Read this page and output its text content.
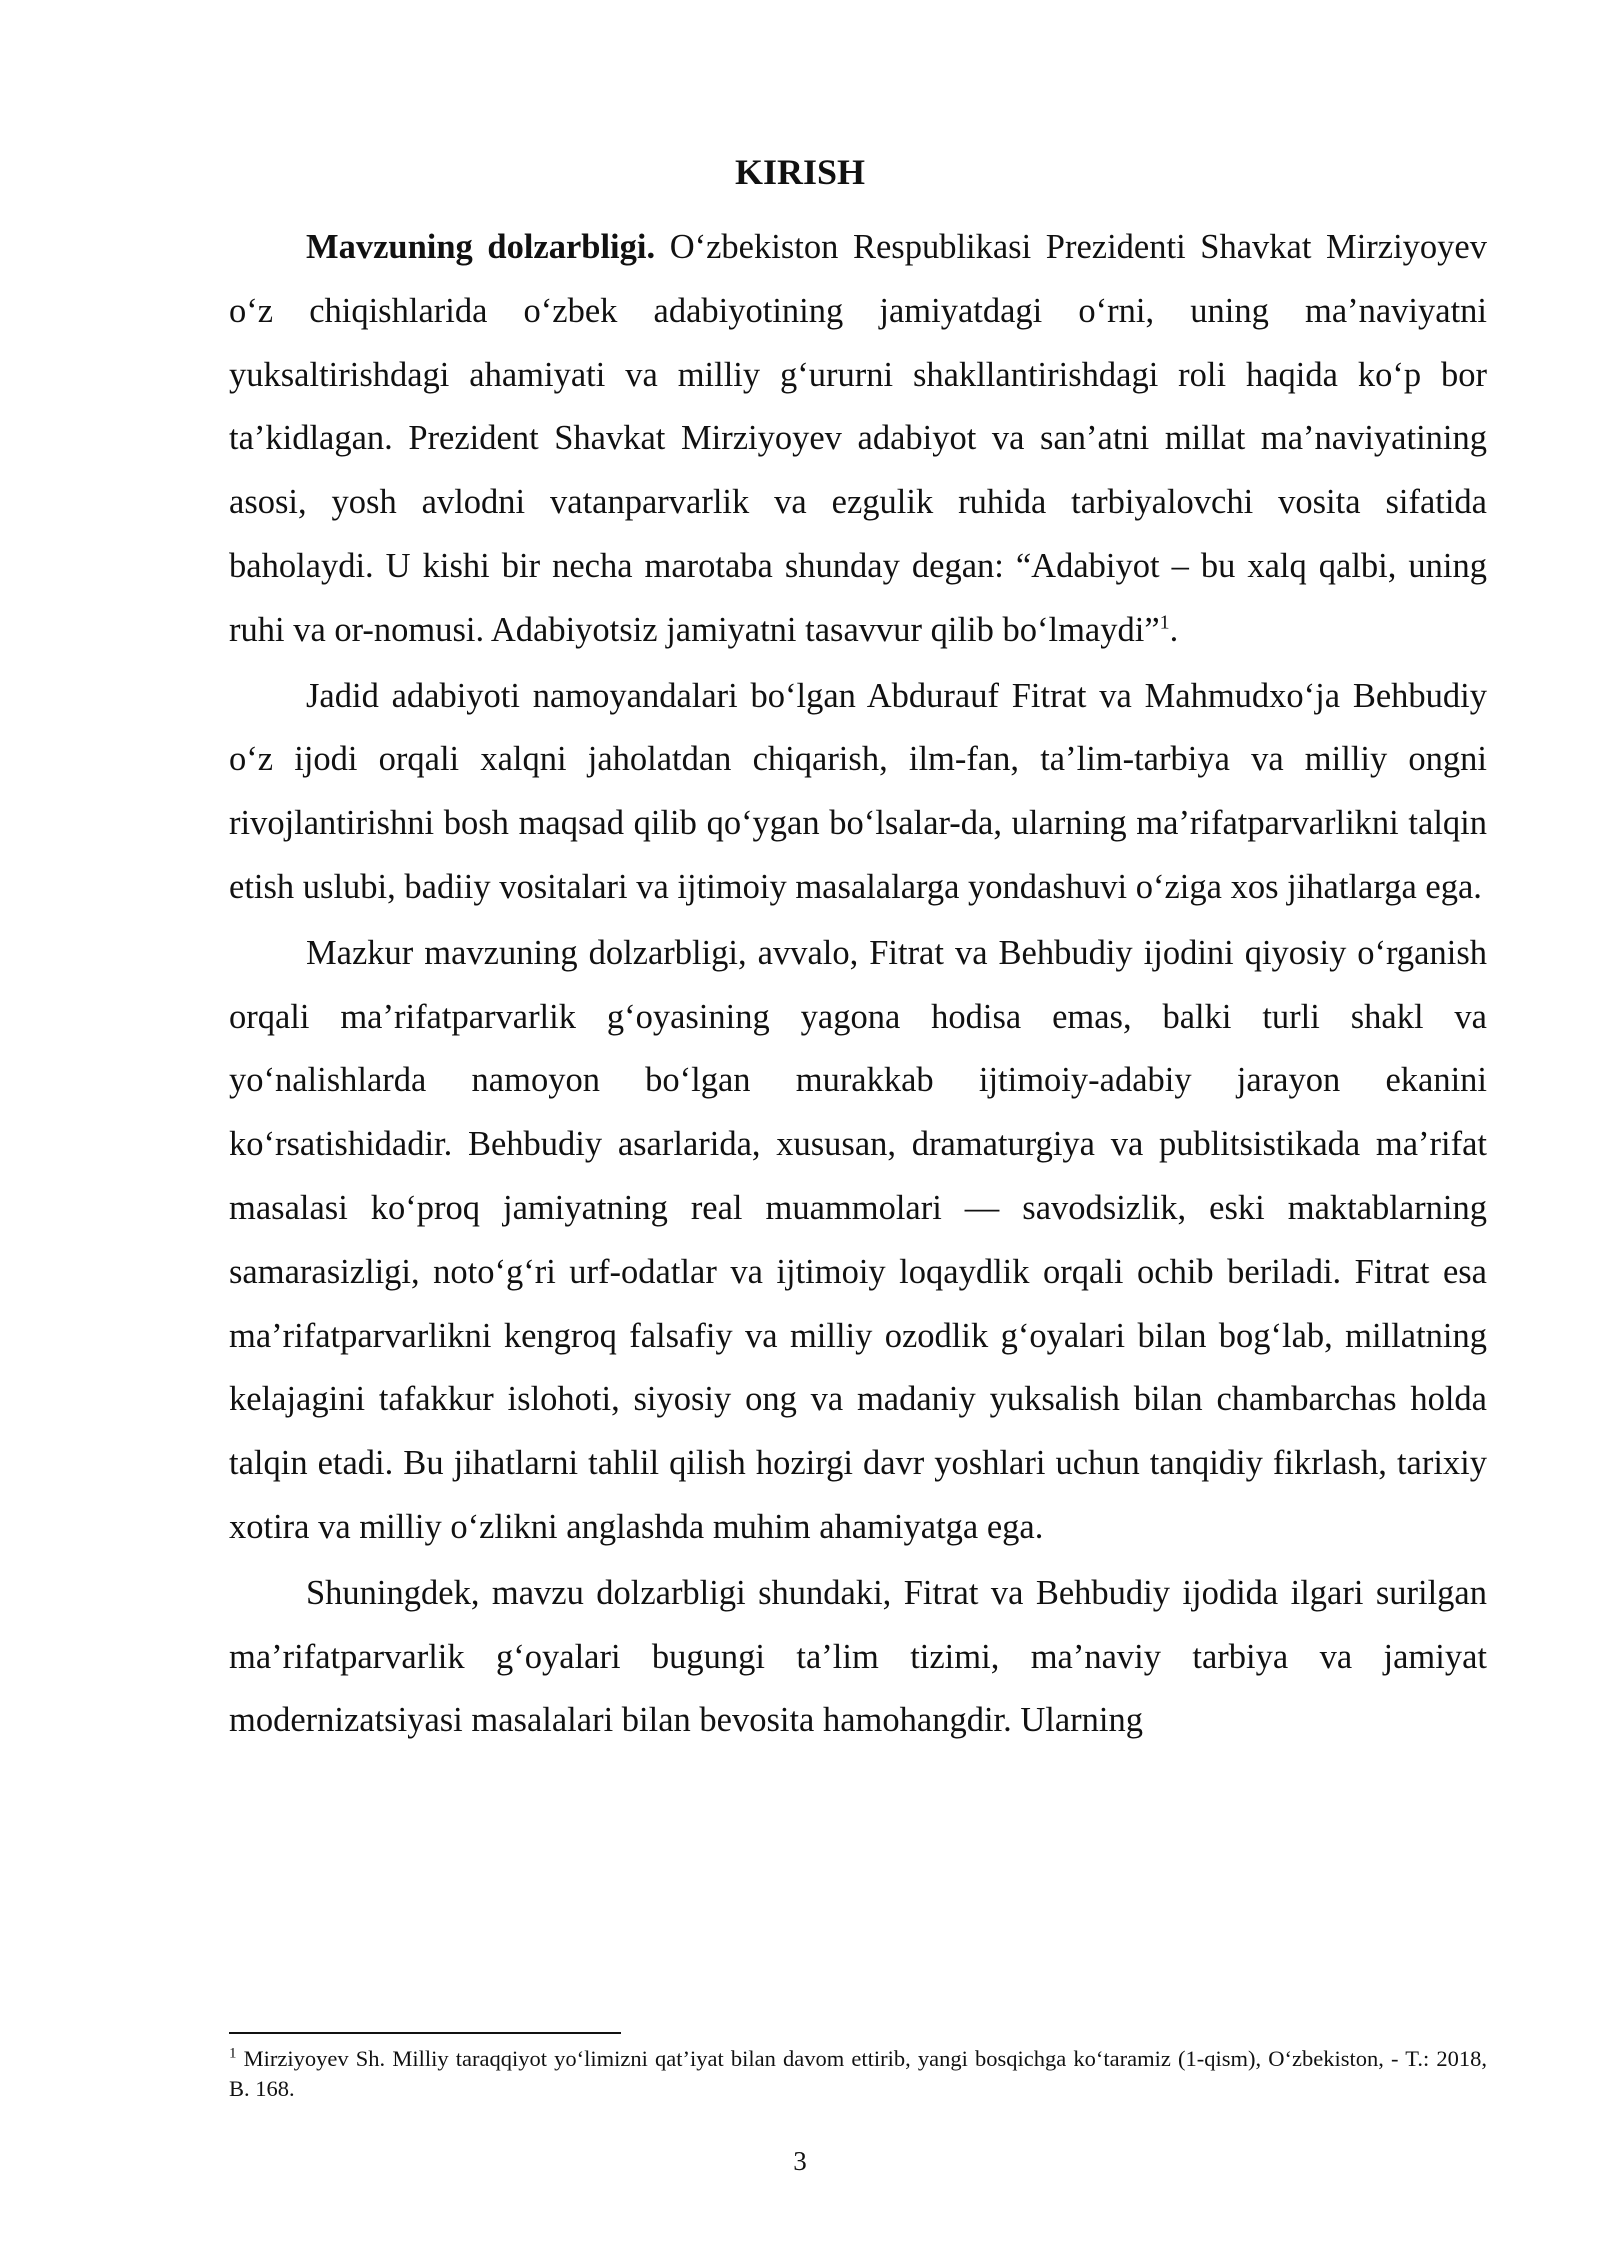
KIRISH

Mavzuning dolzarbligi. O‘zbekiston Respublikasi Prezidenti Shavkat Mirziyoyev o‘z chiqishlarida o‘zbek adabiyotining jamiyatdagi o‘rni, uning ma’naviyatni yuksaltirishdagi ahamiyati va milliy g‘ururni shakllantirishdagi roli haqida ko‘p bor ta’kidlagan. Prezident Shavkat Mirziyoyev adabiyot va san’atni millat ma’naviyatining asosi, yosh avlodni vatanparvarlik va ezgulik ruhida tarbiyalovchi vosita sifatida baholaydi. U kishi bir necha marotaba shunday degan: “Adabiyot – bu xalq qalbi, uning ruhi va or-nomusi. Adabiyotsiz jamiyatni tasavvur qilib bo‘lmaydi”$^1$.

Jadid adabiyoti namoyandalari bo‘lgan Abdurauf Fitrat va Mahmudxo‘ja Behbudiy o‘z ijodi orqali xalqni jaholatdan chiqarish, ilm-fan, ta’lim-tarbiya va milliy ongni rivojlantirishni bosh maqsad qilib qo‘ygan bo‘lsalar-da, ularning ma’rifatparvarlikni talqin etish uslubi, badiiy vositalari va ijtimoiy masalalarga yondashuvi o‘ziga xos jihatlarga ega.

Mazkur mavzuning dolzarbligi, avvalo, Fitrat va Behbudiy ijodini qiyosiy o‘rganish orqali ma’rifatparvarlik g‘oyasining yagona hodisa emas, balki turli shakl va yo‘nalishlarda namoyon bo‘lgan murakkab ijtimoiy-adabiy jarayon ekanini ko‘rsatishidadir. Behbudiy asarlarida, xususan, dramaturgiya va publitsistikada ma’rifat masalasi ko‘proq jamiyatning real muammolari — savodsizlik, eski maktablarning samarasizligi, noto‘g‘ri urf-odatlar va ijtimoiy loqaydlik orqali ochib beriladi. Fitrat esa ma’rifatparvarlikni kengroq falsafiy va milliy ozodlik g‘oyalari bilan bog‘lab, millatning kelajagini tafakkur islohoti, siyosiy ong va madaniy yuksalish bilan chambarchas holda talqin etadi. Bu jihatlarni tahlil qilish hozirgi davr yoshlari uchun tanqidiy fikrlash, tarixiy xotira va milliy o‘zlikni anglashda muhim ahamiyatga ega.

Shuningdek, mavzu dolzarbligi shundaki, Fitrat va Behbudiy ijodida ilgari surilgan ma’rifatparvarlik g‘oyalari bugungi ta’lim tizimi, ma’naviy tarbiya va jamiyat modernizatsiyasi masalalari bilan bevosita hamohangdir. Ularning

$^1$ Mirziyoyev Sh. Milliy taraqqiyot yo‘limizni qat’iyat bilan davom ettirib, yangi bosqichga ko‘taramiz (1-qism), O‘zbekiston, - T.: 2018, B. 168.
3
